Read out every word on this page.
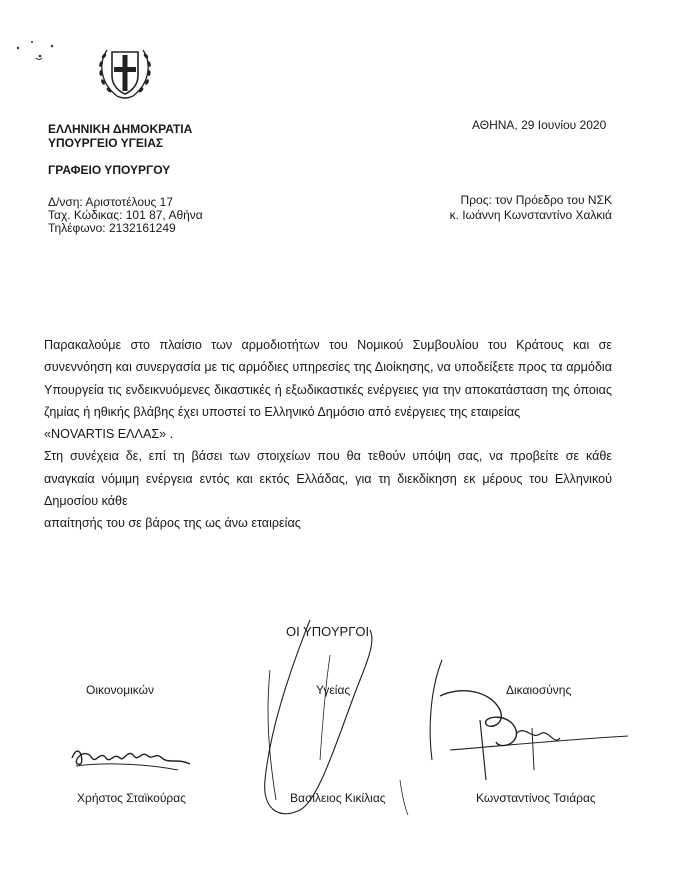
ΕΛΛΗΝΙΚΗ ΔΗΜΟΚΡΑΤΙΑ
ΥΠΟΥΡΓΕΙΟ ΥΓΕΙΑΣ
ΓΡΑΦΕΙΟ ΥΠΟΥΡΓΟΥ
Δ/νση: Αριστοτέλους 17
Ταχ. Κώδικας: 101 87, Αθήνα
Τηλέφωνο: 2132161249
ΑΘΗΝΑ, 29 Ιουνίου 2020
Προς: τον Πρόεδρο του ΝΣΚ
κ. Ιωάννη Κωνσταντίνο Χαλκιά

Παρακαλούμε στο πλαίσιο των αρμοδιοτήτων του Νομικού Συμβουλίου του Κράτους και σε συνεννόηση και συνεργασία με τις αρμόδιες υπηρεσίες της Διοίκησης, να υποδείξετε προς τα αρμόδια Υπουργεία τις ενδεικνυόμενες δικαστικές ή εξωδικαστικές ενέργειες για την αποκατάσταση της όποιας ζημίας ή ηθικής βλάβης έχει υποστεί το Ελληνικό Δημόσιο από ενέργειες της εταιρείας

«NOVARTIS ΕΛΛΑΣ» .

Στη συνέχεια δε, επί τη βάσει των στοιχείων που θα τεθούν υπόψη σας, να προβείτε σε κάθε αναγκαία νόμιμη ενέργεια εντός και εκτός Ελλάδας, για τη διεκδίκηση εκ μέρους του Ελληνικού Δημοσίου κάθε

απαίτησής του σε βάρος της ως άνω εταιρείας

ΟΙ ΥΠΟΥΡΓΟΙ
Οικονομικών	Υγείας	Δικαιοσύνης
Χρήστος Σταϊκούρας	Βασίλειος Κικίλιας	Κωνσταντίνος Τσιάρας
